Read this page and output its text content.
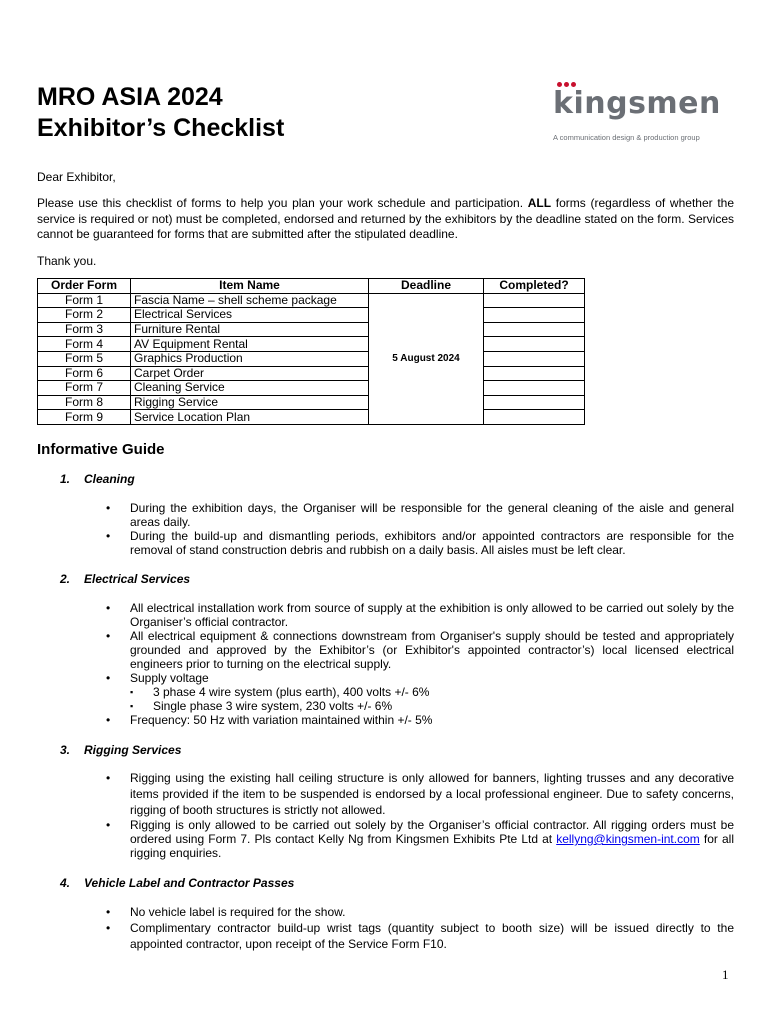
MRO ASIA 2024
Exhibitor’s Checklist
kingsmen
A communication design & production group
Dear Exhibitor,
Please use this checklist of forms to help you plan your work schedule and participation. ALL forms (regardless of whether the service is required or not) must be completed, endorsed and returned by the exhibitors by the deadline stated on the form. Services cannot be guaranteed for forms that are submitted after the stipulated deadline.
Thank you.
Order Form	Item Name	Deadline	Completed?
Form 1	Fascia Name – shell scheme package	5 August 2024	
Form 2	Electrical Services		
Form 3	Furniture Rental		
Form 4	AV Equipment Rental		
Form 5	Graphics Production		
Form 6	Carpet Order		
Form 7	Cleaning Service		
Form 8	Rigging Service		
Form 9	Service Location Plan		
Informative Guide
1. Cleaning
• During the exhibition days, the Organiser will be responsible for the general cleaning of the aisle and general areas daily.
• During the build-up and dismantling periods, exhibitors and/or appointed contractors are responsible for the removal of stand construction debris and rubbish on a daily basis. All aisles must be left clear.
2. Electrical Services
• All electrical installation work from source of supply at the exhibition is only allowed to be carried out solely by the Organiser’s official contractor.
• All electrical equipment & connections downstream from Organiser's supply should be tested and appropriately grounded and approved by the Exhibitor’s (or Exhibitor's appointed contractor’s) local licensed electrical engineers prior to turning on the electrical supply.
• Supply voltage
▪ 3 phase 4 wire system (plus earth), 400 volts +/- 6%
▪ Single phase 3 wire system, 230 volts +/- 6%
• Frequency: 50 Hz with variation maintained within +/- 5%
3. Rigging Services
• Rigging using the existing hall ceiling structure is only allowed for banners, lighting trusses and any decorative items provided if the item to be suspended is endorsed by a local professional engineer. Due to safety concerns, rigging of booth structures is strictly not allowed.
• Rigging is only allowed to be carried out solely by the Organiser’s official contractor. All rigging orders must be ordered using Form 7. Pls contact Kelly Ng from Kingsmen Exhibits Pte Ltd at kellyng@kingsmen-int.com for all rigging enquiries.
4. Vehicle Label and Contractor Passes
• No vehicle label is required for the show.
• Complimentary contractor build-up wrist tags (quantity subject to booth size) will be issued directly to the appointed contractor, upon receipt of the Service Form F10.
1
